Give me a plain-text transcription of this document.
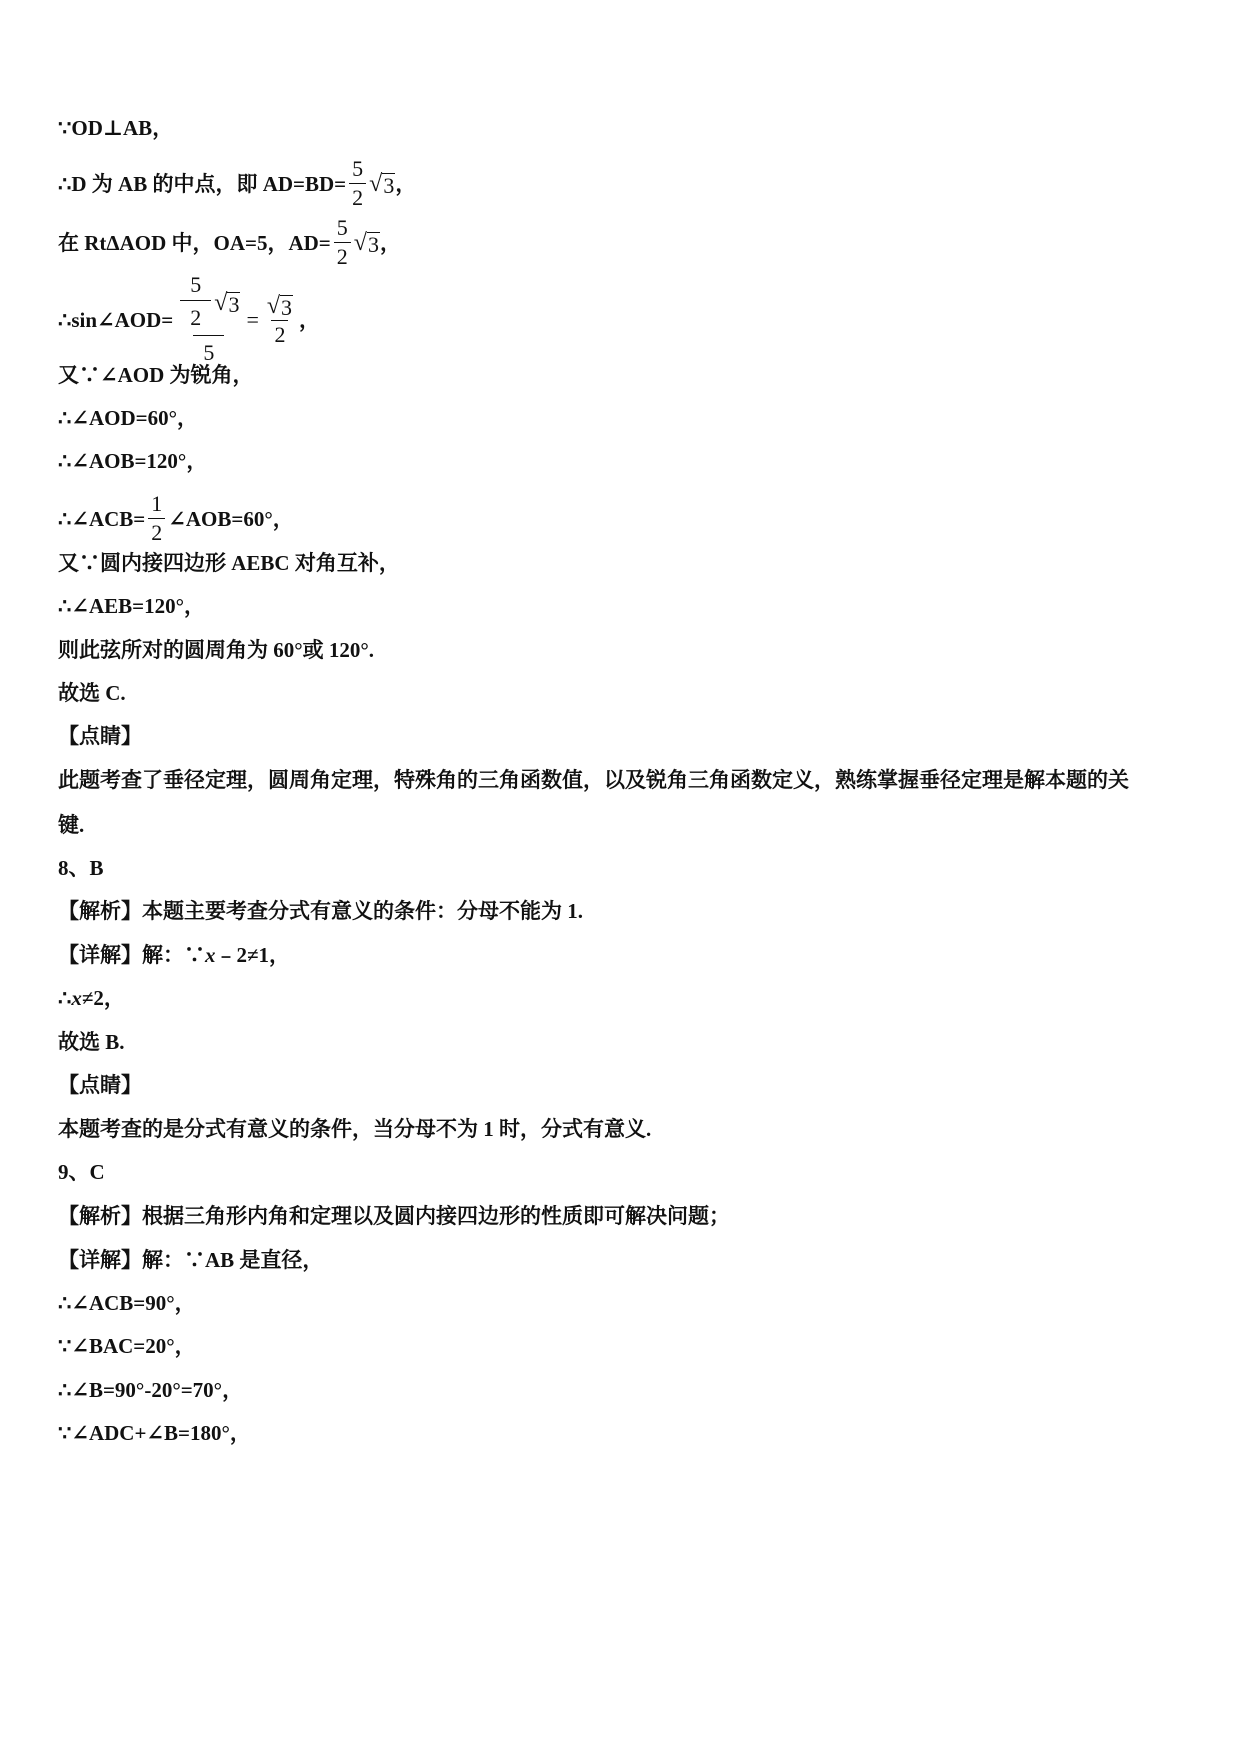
∵OD⊥AB，
∴D 为 AB 的中点，即 $AD=BD= \frac{5}{2}$ √ 3 ，
在 RtΔAOD 中，OA=5，$AD= \frac{5}{2}$ √ 3 ，
∴sin∠AOD= $\frac{\frac{5}{2} √ 3}{5} = \frac{√ 3}{2}$ ，
又∵∠AOD 为锐角，
∴∠AOD=60°，
∴∠AOB=120°，
∴∠ACB= $\frac{1}{2}$ ∠AOB=60°，
又∵圆内接四边形 AEBC 对角互补，
∴∠AEB=120°，
则此弦所对的圆周角为 60°或 120°.
故选 C.
【点睛】
此题考查了垂径定理，圆周角定理，特殊角的三角函数值，以及锐角三角函数定义，熟练掌握垂径定理是解本题的关
键.
8、B
【解析】本题主要考查分式有意义的条件：分母不能为 1.
【详解】解：∵x﹣2≠1，
∴x≠2，
故选 B.
【点睛】
本题考查的是分式有意义的条件，当分母不为 1 时，分式有意义.
9、C
【解析】根据三角形内角和定理以及圆内接四边形的性质即可解决问题；
【详解】解：∵AB 是直径，
∴∠ACB=90°，
∵∠BAC=20°，
∴∠B=90°-20°=70°，
∵∠ADC+∠B=180°，
